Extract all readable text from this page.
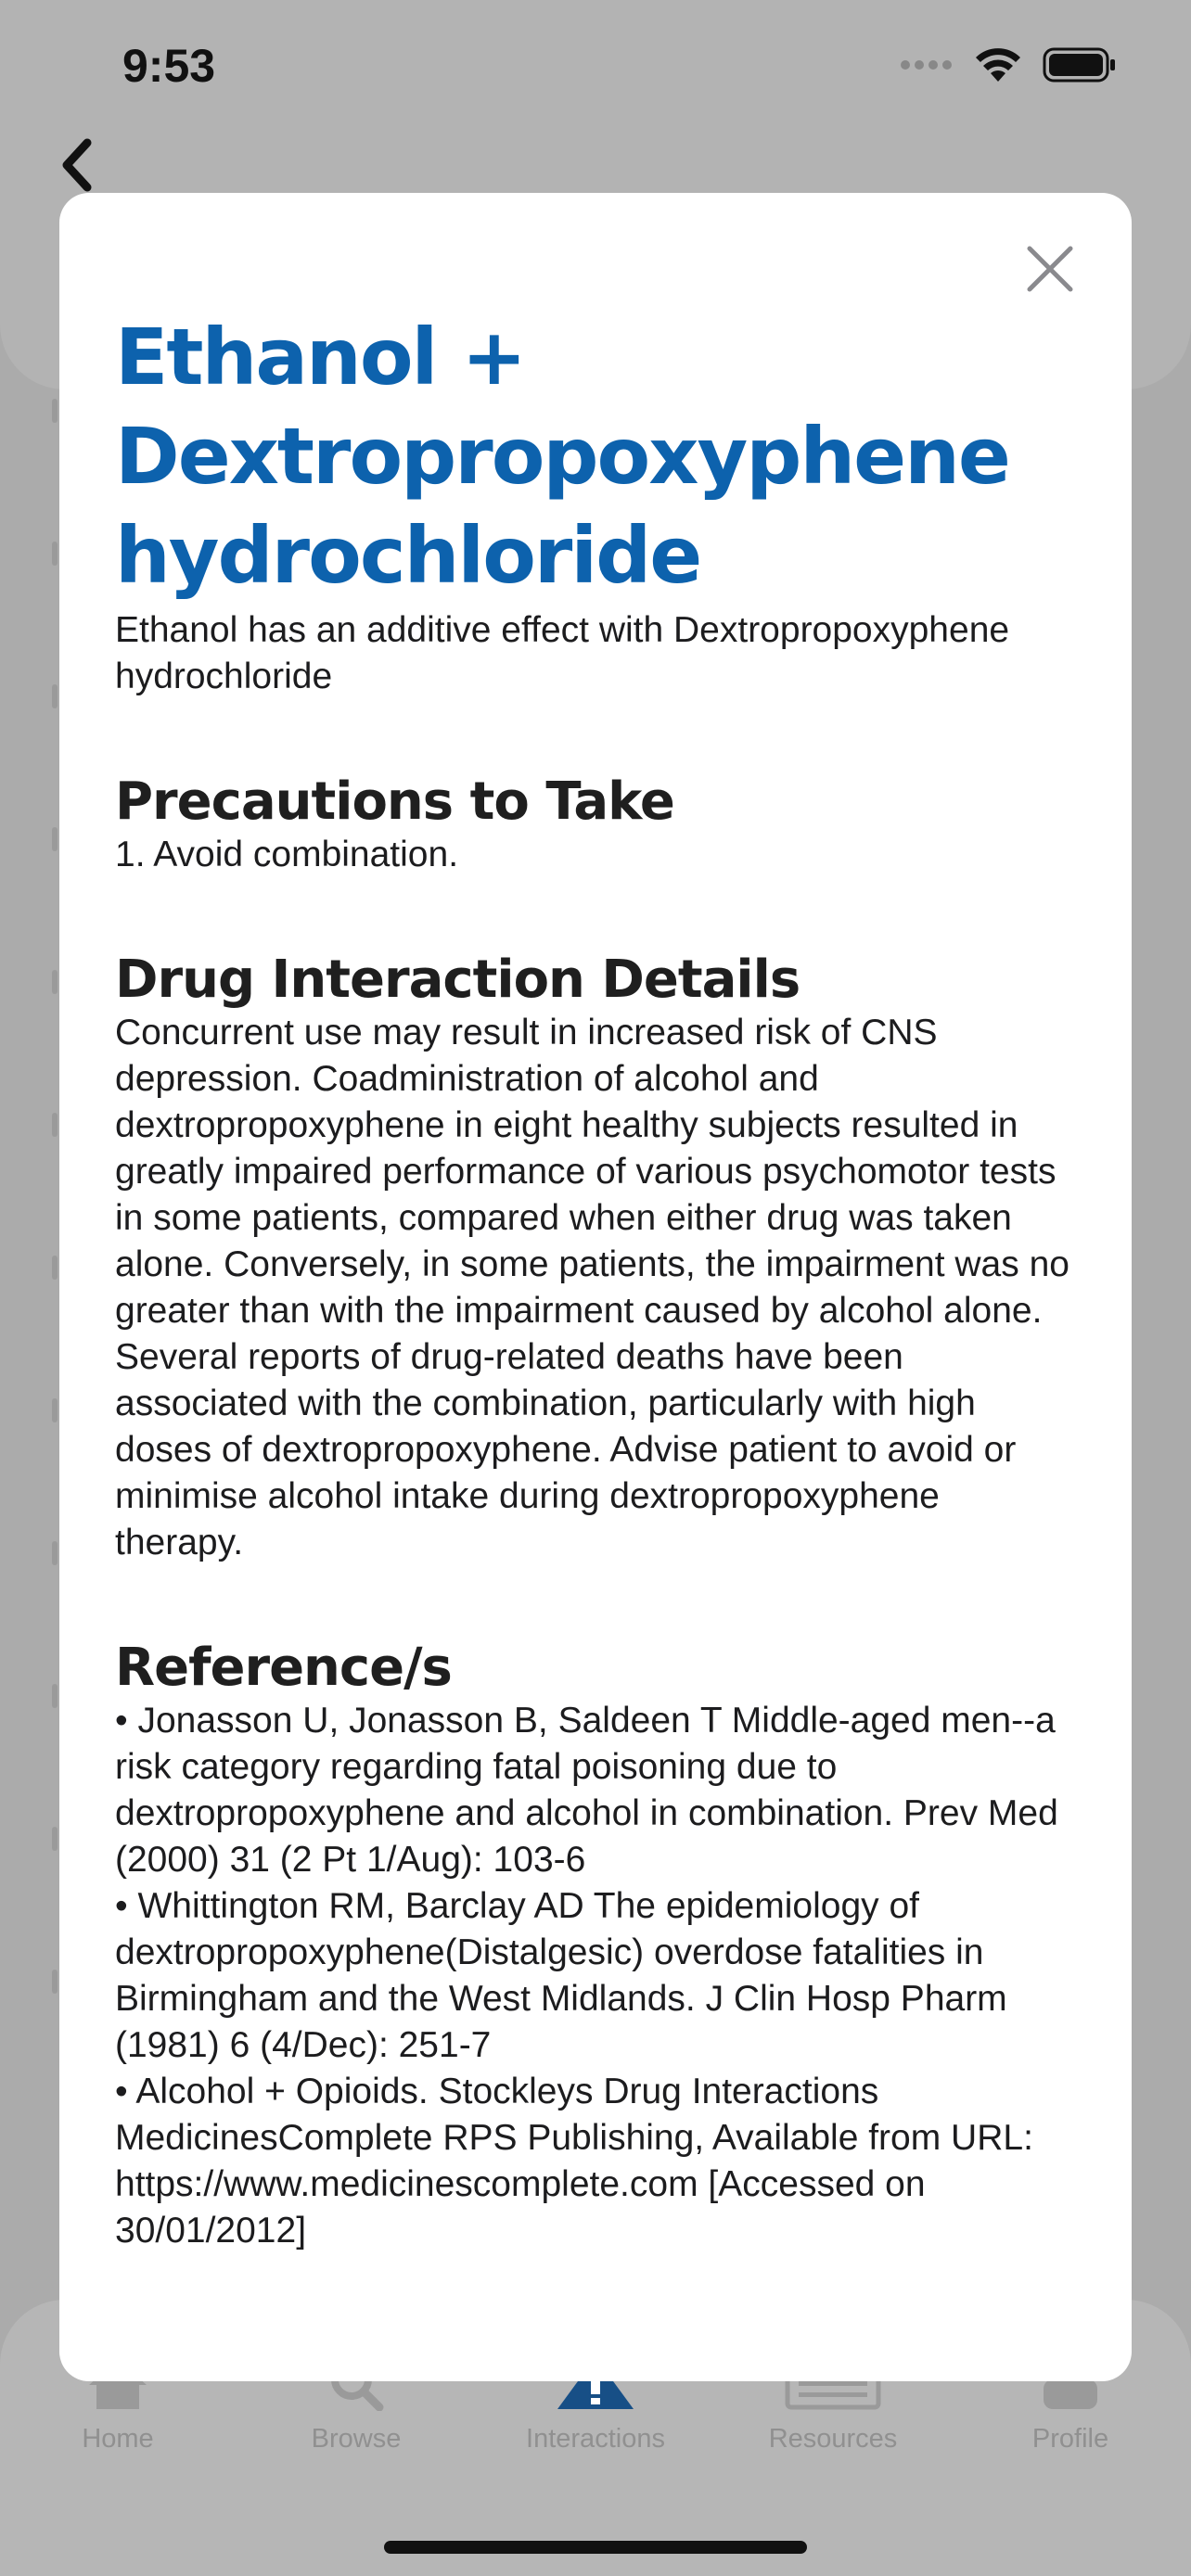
9:53
Home	Browse	Interactions	Resources	Profile
Ethanol + Dextropropoxyphene hydrochloride

Ethanol has an additive effect with Dextropropoxyphene hydrochloride

Precautions to Take

1. Avoid combination.

Drug Interaction Details

Concurrent use may result in increased risk of CNS depression. Coadministration of alcohol and dextropropoxyphene in eight healthy subjects resulted in greatly impaired performance of various psychomotor tests in some patients, compared when either drug was taken alone. Conversely, in some patients, the impairment was no greater than with the impairment caused by alcohol alone. Several reports of drug-related deaths have been associated with the combination, particularly with high doses of dextropropoxyphene. Advise patient to avoid or minimise alcohol intake during dextropropoxyphene therapy.

Reference/s

• Jonasson U, Jonasson B, Saldeen T Middle-aged men--a risk category regarding fatal poisoning due to dextropropoxyphene and alcohol in combination. Prev Med (2000) 31 (2 Pt 1/Aug): 103-6

• Whittington RM, Barclay AD The epidemiology of dextropropoxyphene(Distalgesic) overdose fatalities in Birmingham and the West Midlands. J Clin Hosp Pharm (1981) 6 (4/Dec): 251-7

• Alcohol + Opioids. Stockleys Drug Interactions MedicinesComplete RPS Publishing, Available from URL: https://www.medicinescomplete.com [Accessed on 30/01/2012]
